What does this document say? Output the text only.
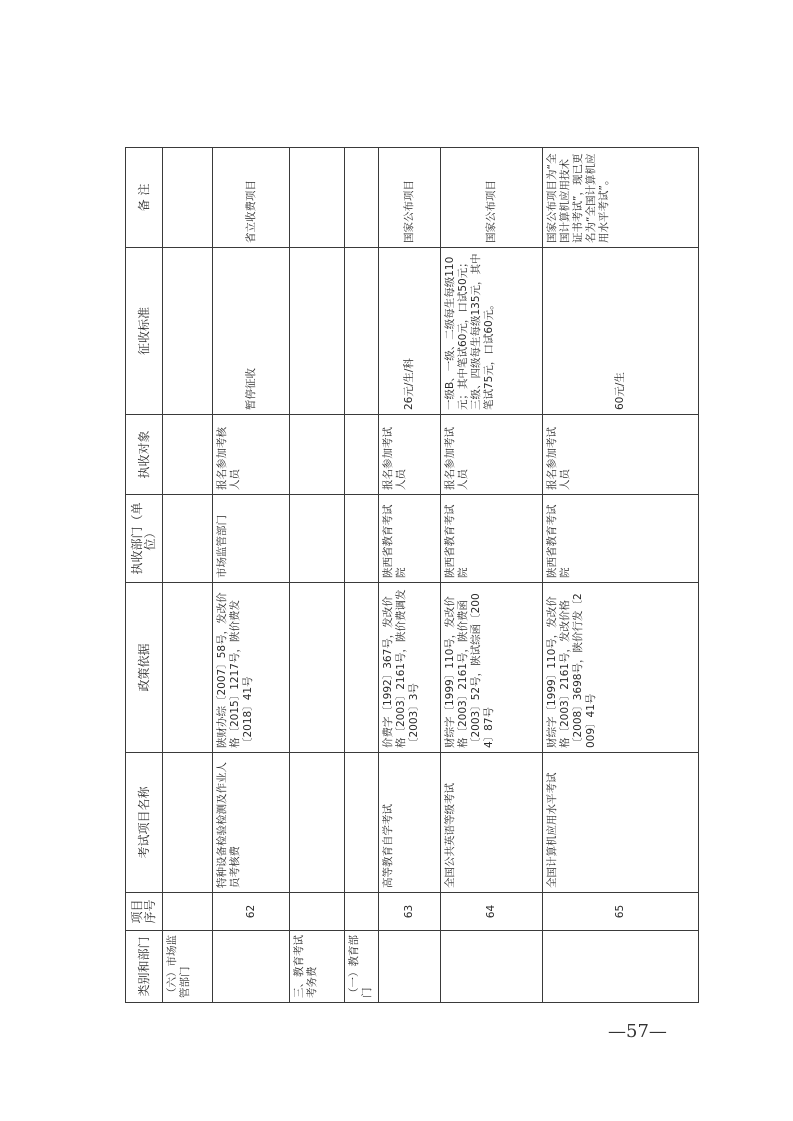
类别和部门	项目序号	考试项目名称	政策依据	执收部门（单位）	执收对象	征收标准	备 注
（六）市场监管部门							
	62	特种设备检验检测及作业人员考核费	陕财办综〔2007〕58号，发改价格〔2015〕1217号，陕价费发〔2018〕41号	市场监管部门	报名参加考核人员	暂停征收	省立收费项目
三、教育考试考务费							
（一）教育部门							
	63	高等教育自学考试	价费字〔1992〕367号，发改价格〔2003〕2161号，陕价费调发〔2003〕3号	陕西省教育考试院	报名参加考试人员	26元/生/科	国家公布项目
	64	全国公共英语等级考试	财综字〔1999〕110号，发改价格〔2003〕2161号，陕价费函〔2003〕52号，陕试综函〔2004〕87号	陕西省教育考试院	报名参加考试人员	一级B、一级、二级每生每级110元；其中笔试60元，口试50元；三级、四级每生每级135元，其中笔试75元，口试60元。	国家公布项目
	65	全国计算机应用水平考试	财综字〔1999〕110号，发改价格〔2003〕2161号，发改价格〔2008〕3698号，陕价行发〔2009〕41号	陕西省教育考试院	报名参加考试人员	60元/生	国家公布项目为“全国计算机应用技术证书考试”，现已更名为“全国计算机应用水平考试”。
—57—
